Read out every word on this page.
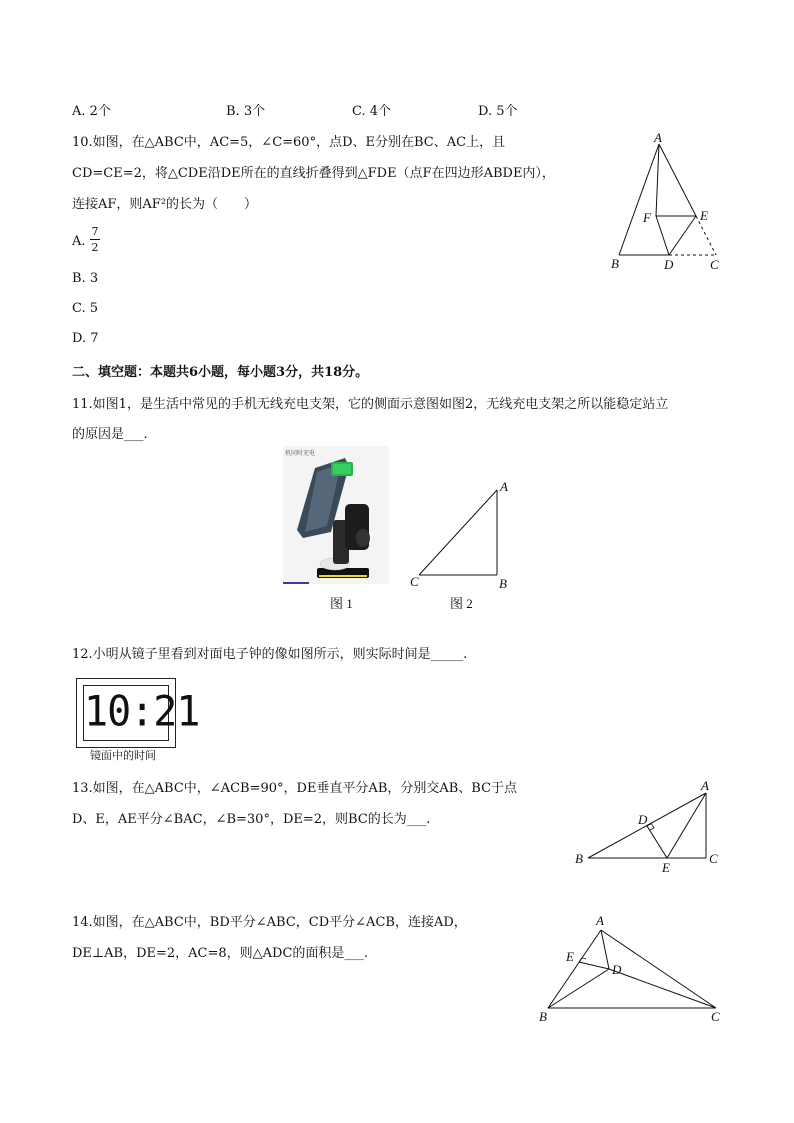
A. 2个	B. 3个	C. 4个	D. 5个
10.如图，在△ABC中，AC=5，∠C=60°，点D、E分别在BC、AC上，且
CD=CE=2，将△CDE沿DE所在的直线折叠得到△FDE（点F在四边形ABDE内），
连接AF，则AF²的长为（　　）
A.
7
2
B. 3
C. 5
D. 7
A
B	C
D
E
F
二、填空题：本题共6小题，每小题3分，共18分。
11.如图1，是生活中常见的手机无线充电支架，它的侧面示意图如图2，无线充电支架之所以能稳定站立
的原因是___.
机同时充电
A
C	B
图 1	图 2
12.小明从镜子里看到对面电子钟的像如图所示，则实际时间是_____.
10:21
镜面中的时间
13.如图，在△ABC中，∠ACB=90°，DE垂直平分AB，分别交AB、BC于点
D、E，AE平分∠BAC，∠B=30°，DE=2，则BC的长为___.
A
B	C
D
E
14.如图，在△ABC中，BD平分∠ABC，CD平分∠ACB，连接AD，
DE⊥AB，DE=2，AC=8，则△ADC的面积是___.
A
B	C
D
E
